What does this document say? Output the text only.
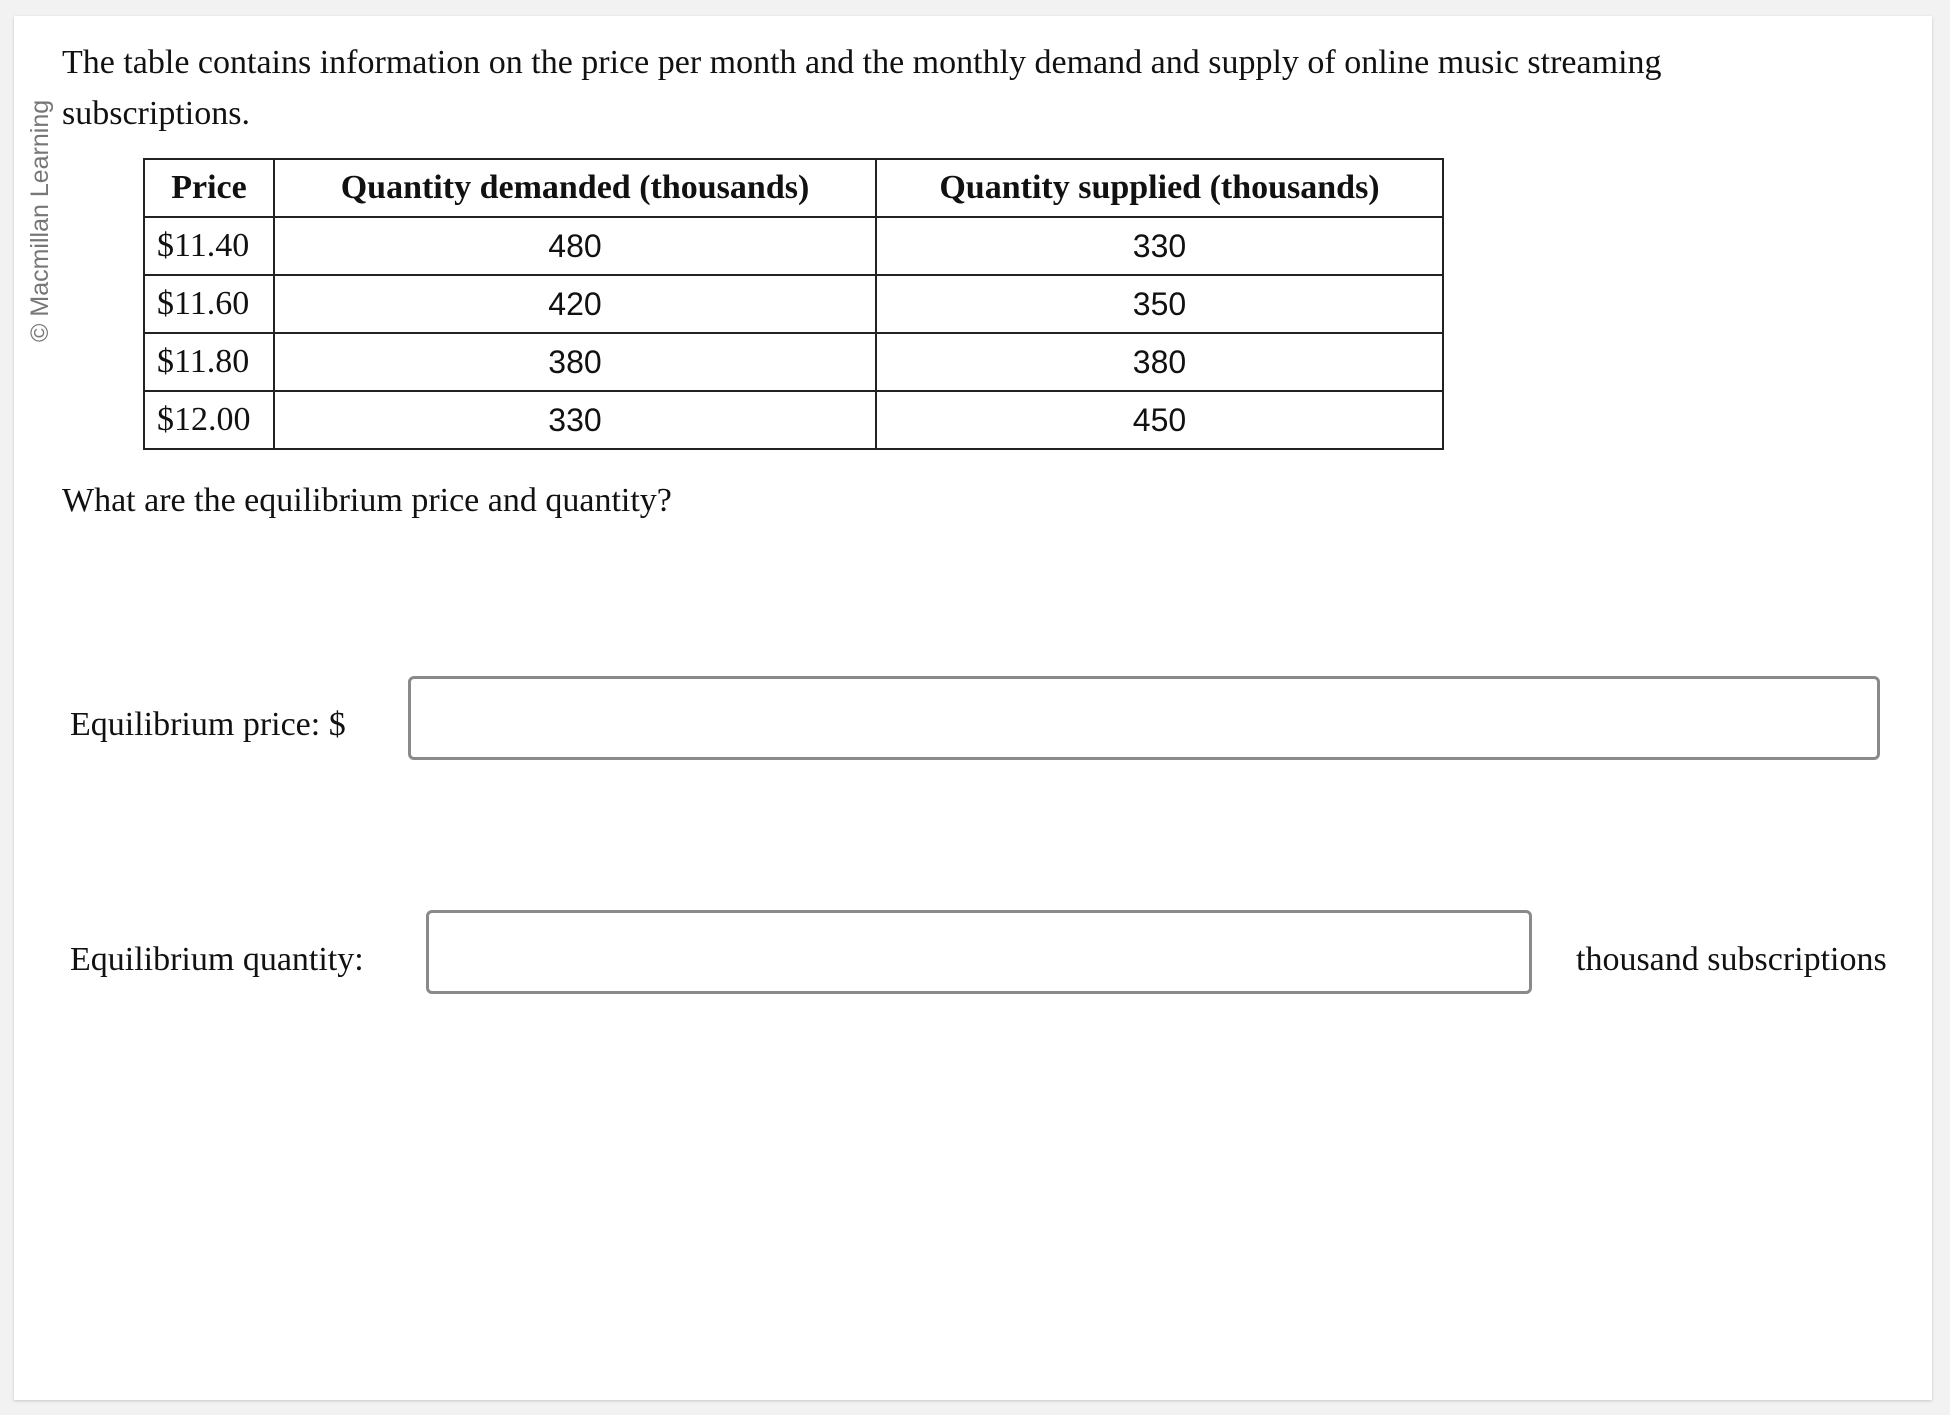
© Macmillan Learning

The table contains information on the price per month and the monthly demand and supply of online music streaming subscriptions.

Price	Quantity demanded (thousands)	Quantity supplied (thousands)
$11.40	480	330
$11.60	420	350
$11.80	380	380
$12.00	330	450

What are the equilibrium price and quantity?

Equilibrium price: $
Equilibrium quantity:	thousand subscriptions
